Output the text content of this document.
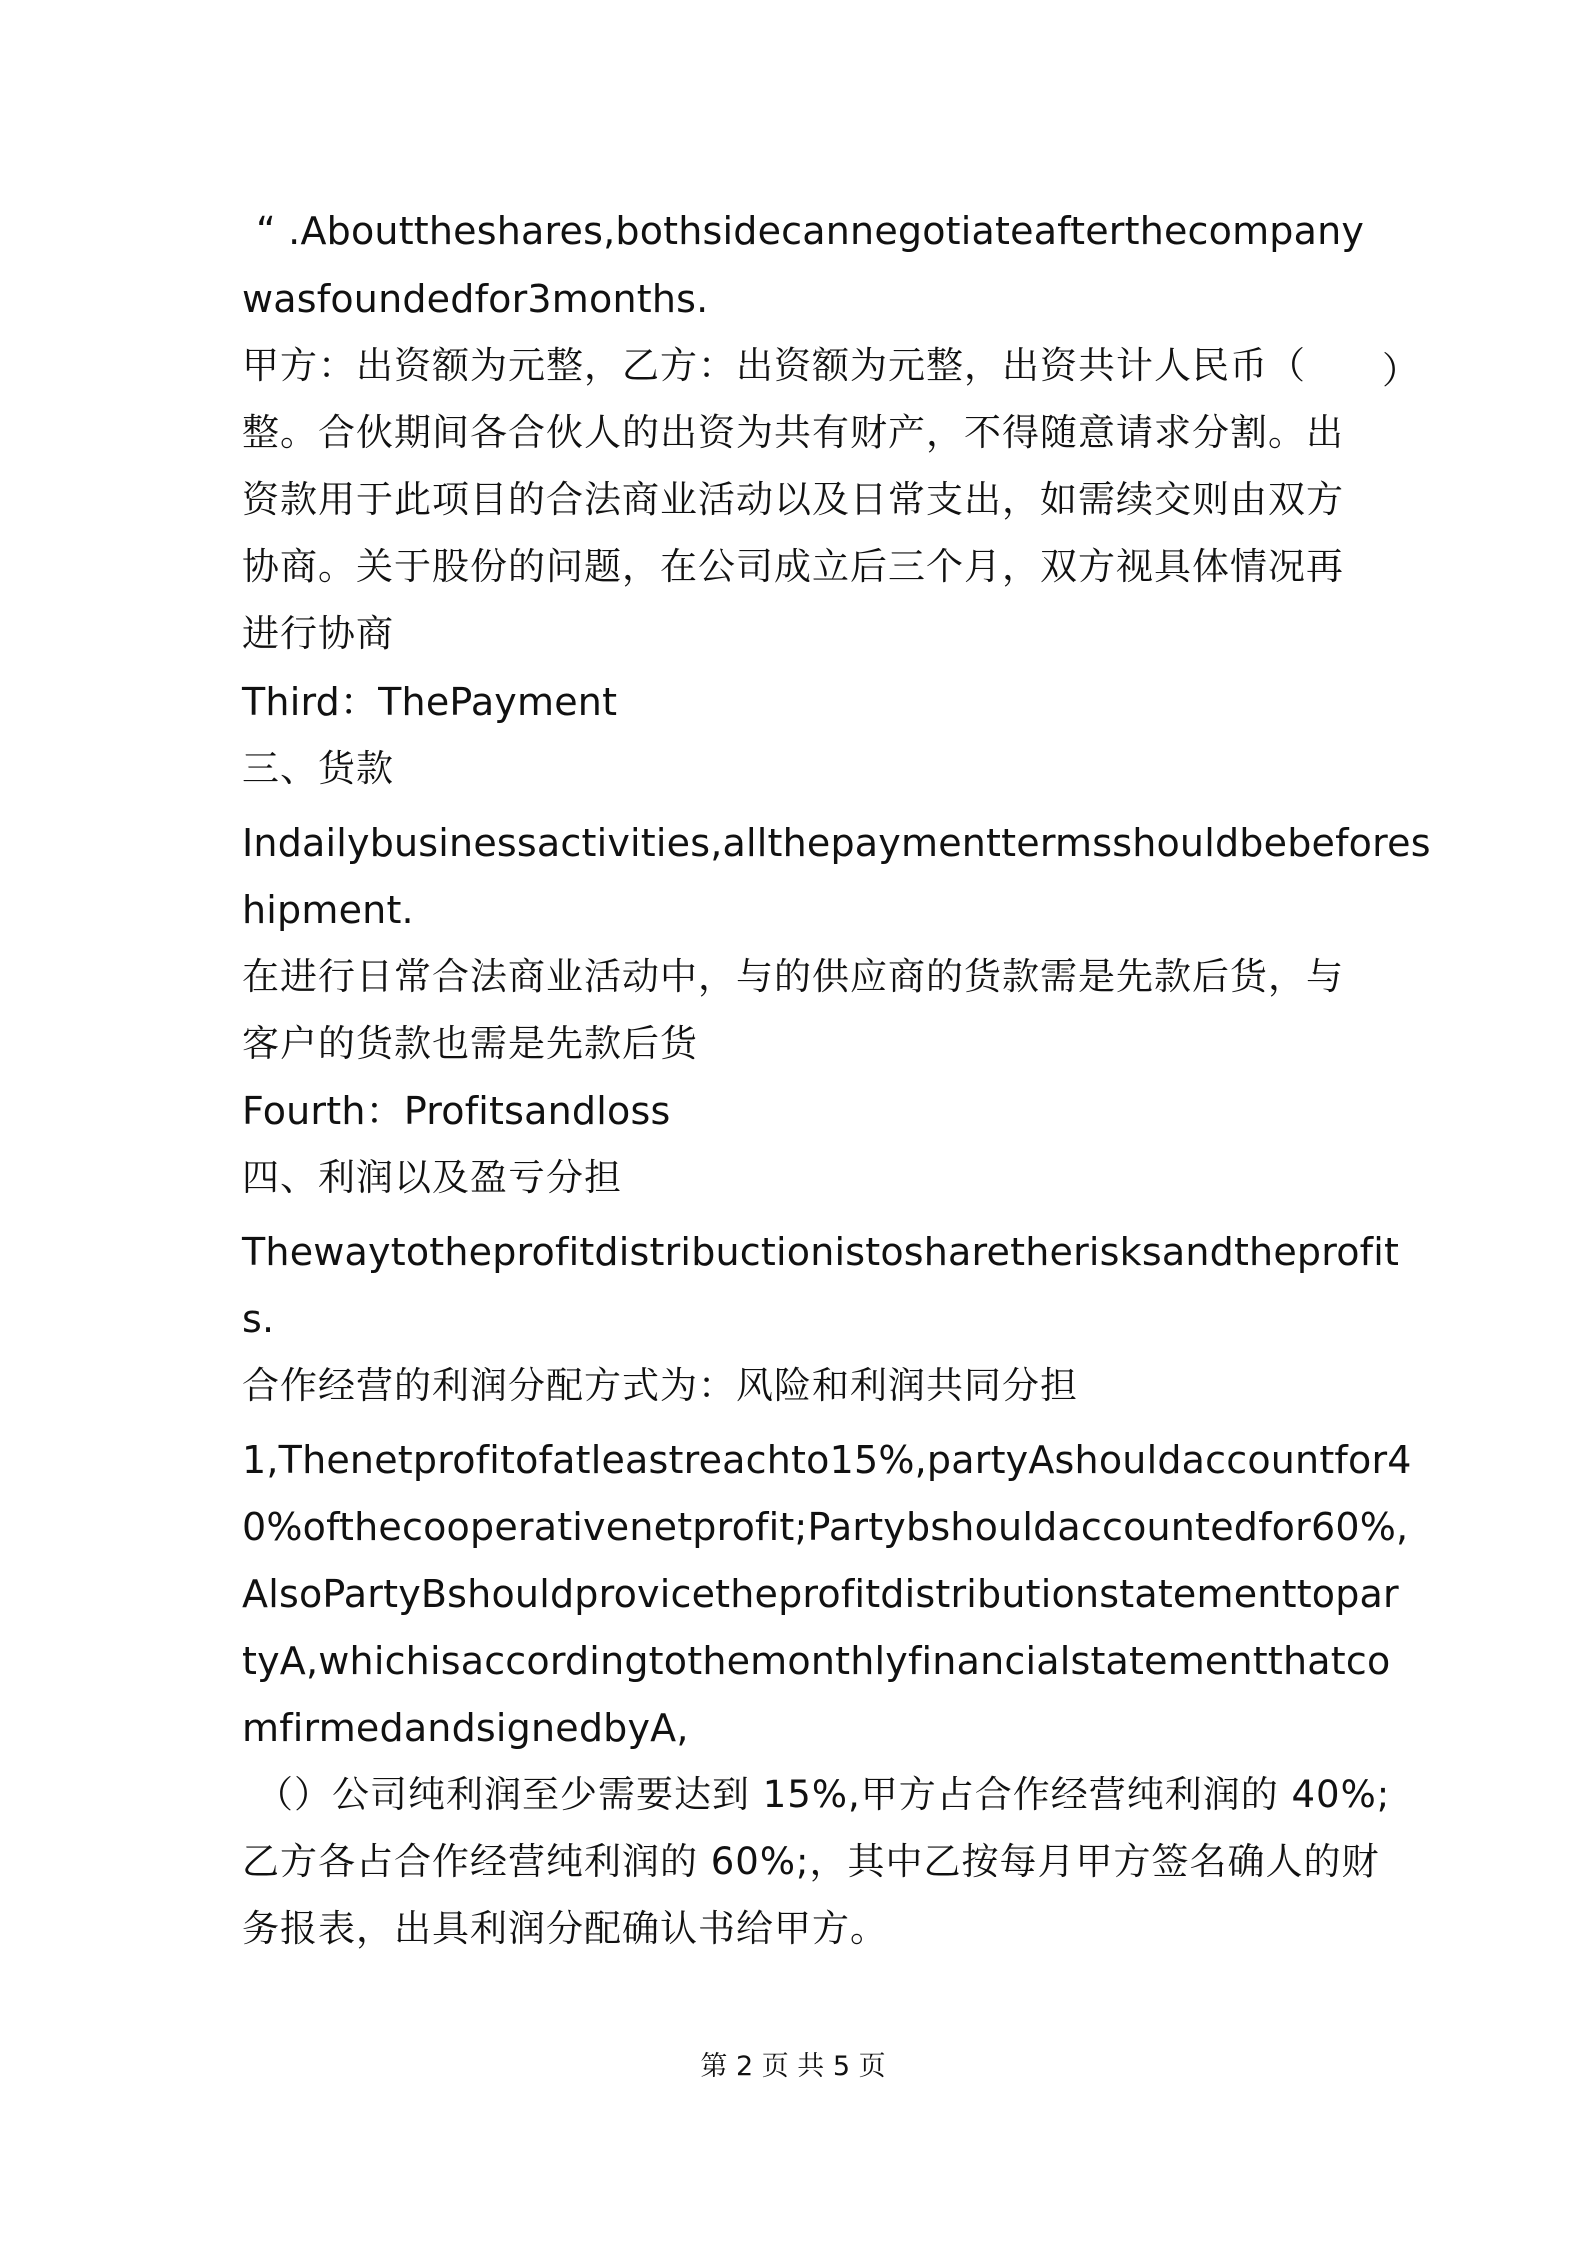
“ .Abouttheshares,bothsidecannegotiateafterthecompany
wasfoundedfor3months.
甲方：出资额为元整，乙方：出资额为元整，出资共计人民币（ ）
整。合伙期间各合伙人的出资为共有财产，不得随意请求分割。出
资款用于此项目的合法商业活动以及日常支出，如需续交则由双方
协商。关于股份的问题，在公司成立后三个月，双方视具体情况再
进行协商
Third：ThePayment
三、货款
Indailybusinessactivities,allthepaymenttermsshouldbebefores
hipment.
在进行日常合法商业活动中，与的供应商的货款需是先款后货，与
客户的货款也需是先款后货
Fourth：Profitsandloss
四、利润以及盈亏分担
Thewaytotheprofitdistribuctionistosharetherisksandtheprofit
s.
合作经营的利润分配方式为：风险和利润共同分担
1,Thenetprofitofatleastreachto15%,partyAshouldaccountfor4
0%ofthecooperativenetprofit;Partybshouldaccountedfor60%,
AlsoPartyBshouldprovicetheprofitdistributionstatementtopar
tyA,whichisaccordingtothemonthlyfinancialstatementthatco
mfirmedandsignedbyA,
（）公司纯利润至少需要达到 15%,甲方占合作经营纯利润的 40%;
乙方各占合作经营纯利润的 60%;，其中乙按每月甲方签名确人的财
务报表，出具利润分配确认书给甲方。
第 2 页 共 5 页
